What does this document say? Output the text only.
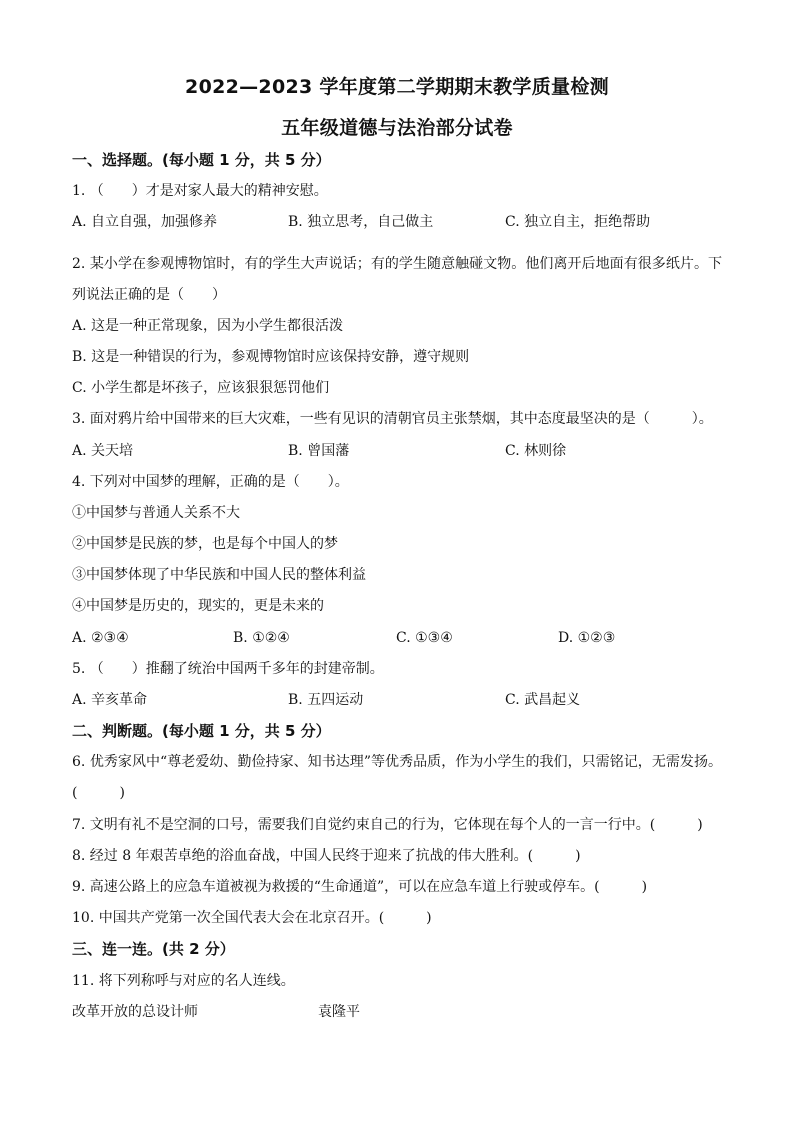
2022—2023 学年度第二学期期末教学质量检测
五年级道德与法治部分试卷
一、选择题。(每小题 1 分，共 5 分）
1. （　　）才是对家人最大的精神安慰。
A. 自立自强，加强修养	B. 独立思考，自己做主	C. 独立自主，拒绝帮助
2. 某小学在参观博物馆时，有的学生大声说话；有的学生随意触碰文物。他们离开后地面有很多纸片。下列说法正确的是（　　）
A. 这是一种正常现象，因为小学生都很活泼
B. 这是一种错误的行为，参观博物馆时应该保持安静，遵守规则
C. 小学生都是坏孩子，应该狠狠惩罚他们
3. 面对鸦片给中国带来的巨大灾难，一些有见识的清朝官员主张禁烟，其中态度最坚决的是（　　　）。
A. 关天培	B. 曾国藩	C. 林则徐
4. 下列对中国梦的理解，正确的是（　　）。
①中国梦与普通人关系不大
②中国梦是民族的梦，也是每个中国人的梦
③中国梦体现了中华民族和中国人民的整体利益
④中国梦是历史的，现实的，更是未来的
A. ②③④	B. ①②④	C. ①③④	D. ①②③
5. （　　）推翻了统治中国两千多年的封建帝制。
A. 辛亥革命	B. 五四运动	C. 武昌起义
二、判断题。(每小题 1 分，共 5 分）
6. 优秀家风中“尊老爱幼、勤俭持家、知书达理”等优秀品质，作为小学生的我们，只需铭记，无需发扬。(　　　)
7. 文明有礼不是空洞的口号，需要我们自觉约束自己的行为，它体现在每个人的一言一行中。(　　　)
8. 经过 8 年艰苦卓绝的浴血奋战，中国人民终于迎来了抗战的伟大胜利。(　　　)
9. 高速公路上的应急车道被视为救援的“生命通道”，可以在应急车道上行驶或停车。(　　　)
10. 中国共产党第一次全国代表大会在北京召开。(　　　)
三、连一连。(共 2 分）
11. 将下列称呼与对应的名人连线。
改革开放的总设计师	袁隆平
